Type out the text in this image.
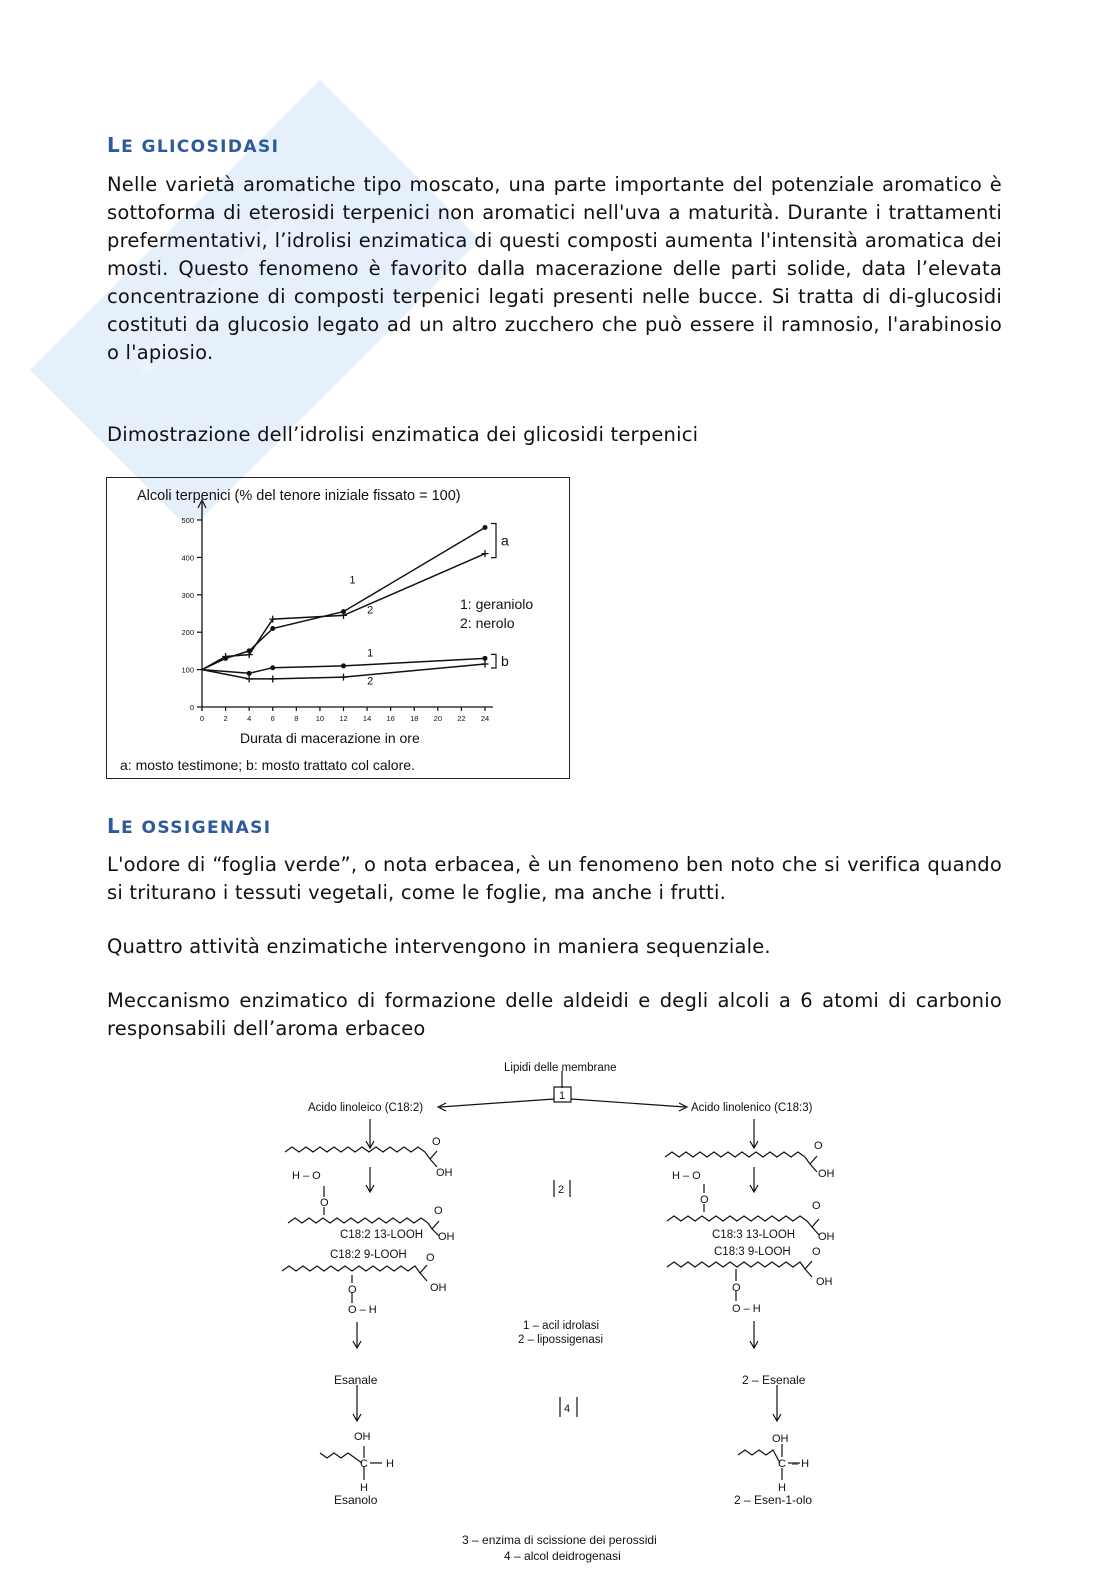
LE GLICOSIDASI
Nelle varietà aromatiche tipo moscato, una parte importante del potenziale aromatico è sottoforma di eterosidi terpenici non aromatici nell'uva a maturità. Durante i trattamenti prefermentativi, l’idrolisi enzimatica di questi composti aumenta l'intensità aromatica dei mosti. Questo fenomeno è favorito dalla macerazione delle parti solide, data l’elevata concentrazione di composti terpenici legati presenti nelle bucce. Si tratta di di-glucosidi costituti da glucosio legato ad un altro zucchero che può essere il ramnosio, l'arabinosio o l'apiosio.
Dimostrazione dell’idrolisi enzimatica dei glicosidi terpenici
Alcoli terpenici (% del tenore iniziale fissato = 100)
0
100
200
300
400
500
0	2	4	6	8 10 12 14 16 18 20 22 24
1
2
1
2
a
b
1: geraniolo
2: nerolo
Durata di macerazione in ore
a: mosto testimone; b: mosto trattato col calore.
LE OSSIGENASI
L'odore di “foglia verde”, o nota erbacea, è un fenomeno ben noto che si verifica quando si triturano i tessuti vegetali, come le foglie, ma anche i frutti.
Quattro attività enzimatiche intervengono in maniera sequenziale.
Meccanismo enzimatico di formazione delle aldeidi e degli alcoli a 6 atomi di carbonio responsabili dell’aroma erbaceo
Lipidi delle membrane
1
Acido linoleico (C18:2)	Acido linolenico (C18:3)
2
4
O
OH
H – O
O
O
OH
C18:2 13-LOOH
C18:2 9-LOOH O
OH
O
O – H
O
OH
H – O
O	O
OH
C18:3 13-LOOH
C18:3 9-LOOH O
OH
O
O – H
1 – acil idrolasi
2 – lipossigenasi
Esanale	2 – Esenale
OH
C H
H
Esanolo
OH
C – H
H
2 – Esen-1-olo
3 – enzima di scissione dei perossidi
4 – alcol deidrogenasi
